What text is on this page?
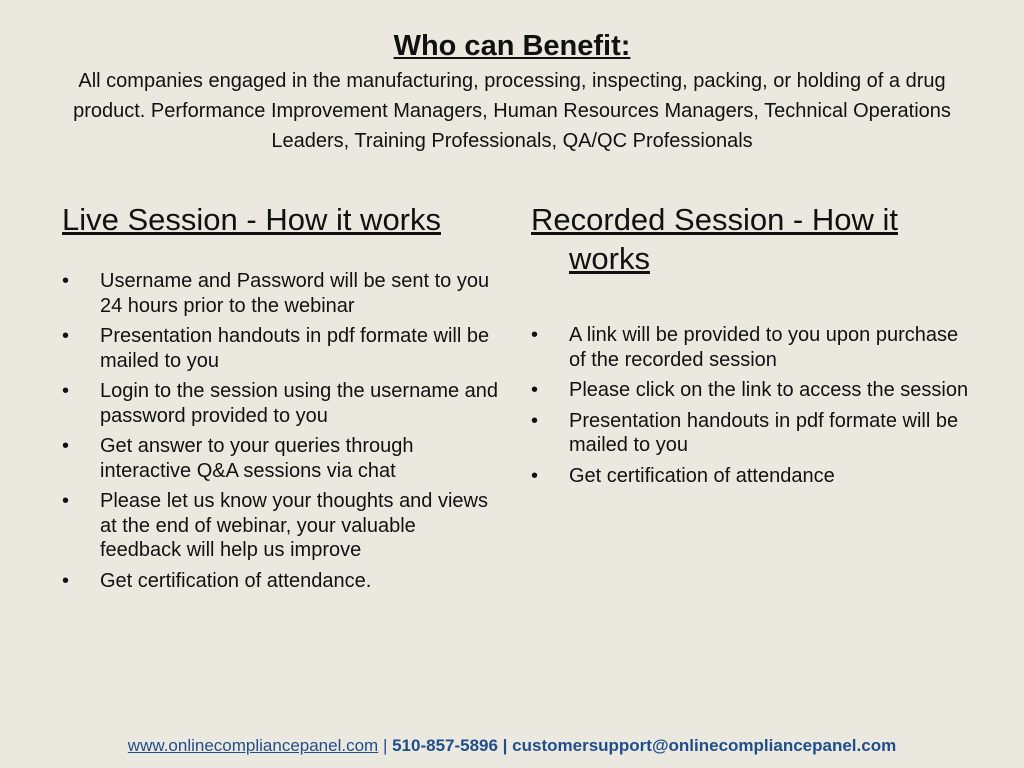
Who can Benefit:

All companies engaged in the manufacturing, processing, inspecting, packing, or holding of a drug product. Performance Improvement Managers, Human Resources Managers, Technical Operations Leaders, Training Professionals, QA/QC Professionals

Live Session - How it works
• Username and Password will be sent to you 24 hours prior to the webinar
• Presentation handouts in pdf formate will be mailed to you
• Login to the session using the username and password provided to you
• Get answer to your queries through interactive Q&A sessions via chat
• Please let us know your thoughts and views at the end of webinar, your valuable feedback will help us improve
• Get certification of attendance.
Recorded Session - How it works
• A link will be provided to you upon purchase of the recorded session
• Please click on the link to access the session
• Presentation handouts in pdf formate will be mailed to you
• Get certification of attendance
www.onlinecompliancepanel.com | 510-857-5896 | customersupport@onlinecompliancepanel.com
